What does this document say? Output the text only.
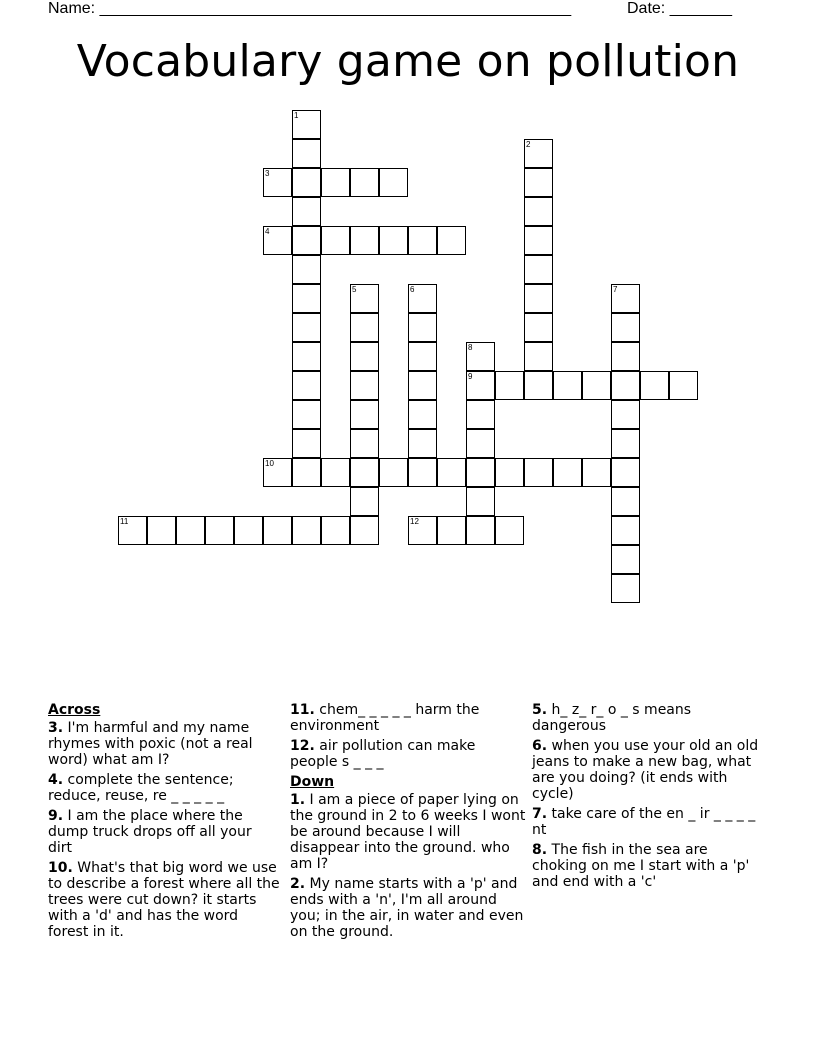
Name: _____________________________________________________	Date: _______
Vocabulary game on pollution
1
2
3
4
5	6	7
8
9
10
11	12
Across
3. I'm harmful and my name rhymes with poxic (not a real word) what am I?
4. complete the sentence; reduce, reuse, re _ _ _ _ _
9. I am the place where the dump truck drops off all your dirt
10. What's that big word we use to describe a forest where all the trees were cut down? it starts with a 'd' and has the word forest in it.
11. chem_ _ _ _ _ harm the environment
12. air pollution can make people s _ _ _
Down
1. I am a piece of paper lying on the ground in 2 to 6 weeks I wont be around because I will disappear into the ground. who am I?
2. My name starts with a 'p' and ends with a 'n', I'm all around you; in the air, in water and even on the ground.
5. h_ z_ r_ o _ s means dangerous
6. when you use your old an old jeans to make a new bag, what are you doing? (it ends with cycle)
7. take care of the en _ ir _ _ _ _ nt
8. The fish in the sea are choking on me I start with a 'p' and end with a 'c'
